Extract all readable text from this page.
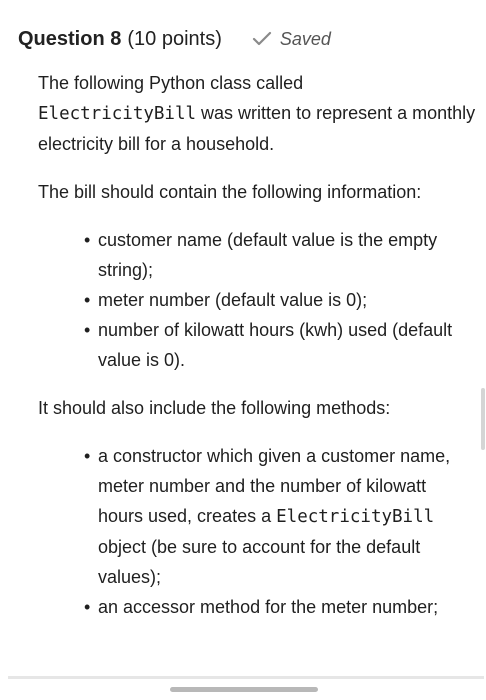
Question 8 (10 points)	Saved

The following Python class called
ElectricityBill was written to represent a monthly electricity bill for a household.

The bill should contain the following information:

• customer name (default value is the empty string);
• meter number (default value is 0);
• number of kilowatt hours (kwh) used (default value is 0).

It should also include the following methods:

• a constructor which given a customer name, meter number and the number of kilowatt hours used, creates a ElectricityBill object (be sure to account for the default values);
• an accessor method for the meter number;
